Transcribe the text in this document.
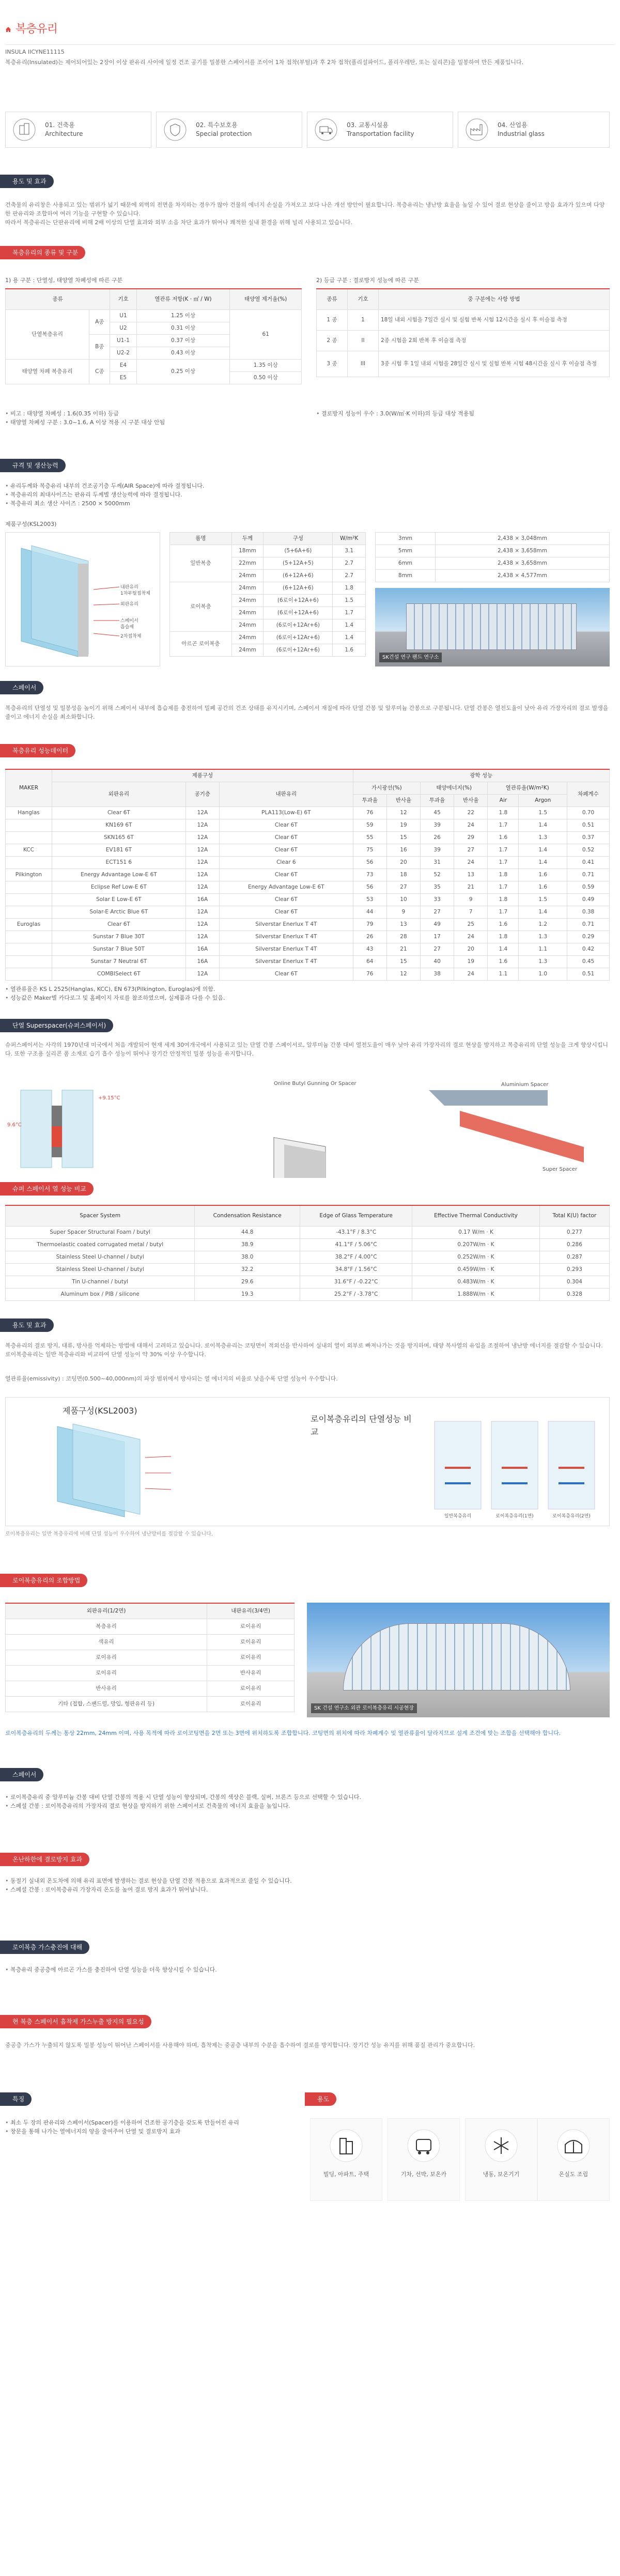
복층유리
INSULA IICYNE11115
복층유리(Insulated)는 제어되어있는 2장이 이상 판유리 사이에 일정 건조 공기를 밀봉한 스페이서를 조이어 1차 접착(부틸)과 후 2차 접착(폴리설파이드, 폴리우레탄, 또는 실리콘)을 밀봉하여 만든 제품입니다.
01. 건축용
Architecture
02. 특수보호용
Special protection
03. 교통시설용
Transportation facility
04. 산업용
Industrial glass
용도 및 효과
건축물의 유리창은 사용되고 있는 범위가 넓기 때문에 외벽의 전면을 차지하는 경우가 많아 건물의 에너지 손실을 가져오고 보다 나은 개선 방안이 필요합니다. 복층유리는 냉난방 효율을 높일 수 있어 결로 현상을 줄이고 방음 효과가 있으며 다양한 판유리와 조합하여 여러 기능을 구현할 수 있습니다.
따라서 복층유리는 단판유리에 비해 2배 이상의 단열 효과와 외부 소음 차단 효과가 뛰어나 쾌적한 실내 환경을 위해 널리 사용되고 있습니다.
복층유리의 종류 및 구분
1) 용 구분 : 단열성, 태양열 차폐성에 따른 구분	2) 등급 구분 : 결로방지 성능에 따른 구분
종류		기호	열관류 저항(K · ㎡ / W)	태양열 제거율(%)
단열복층유리	A종	U1	1.25 이상	61
		U2	0.31 이상	
	B종	U1-1	0.37 이상	
		U2-2	0.43 이상	
태양열 차폐 복층유리	C종	E4	0.25 이상	1.35 이상
		E5		0.50 이상
종류	기호	중 구분에는 사항 방법
1 종	1	18일 내외 시험을 7일간 실시 및 실험 반복 시험 12시간을 실시 후 이슬점 측정
2 종	II	2종 시험을 2회 반복 후 이슬점 측정
3 종	III	3종 시험 후 1일 내외 시험을 28일간 실시 및 실험 반복 시험 48시간을 실시 후 이슬점 측정
• 비고 : 태양열 차폐성 : 1.6(0.35 이하) 등급
• 태양열 차폐성 구분 : 3.0~1.6, A 이상 적용 시 구분 대상 안됨
• 결로방지 성능이 우수 : 3.0(W/㎡·K 이하)의 등급 대상 적용됨
규격 및 생산능력
• 유리두께와 복층유리 내부의 건조공기층 두께(AIR Space)에 따라 결정됩니다.
• 복층유리의 최대사이즈는 판유리 두께별 생산능력에 따라 결정됩니다.
• 복층유리 최소 생산 사이즈 : 2500 × 5000mm
제품구성(KSL2003)
내판유리
1차부틸접착제
외판유리
스페이서
흡습제
2차접착제
품명	두께	구성	W/m²K
일반복층	18mm	(5+6A+6)	3.1
	22mm	(5+12A+5)	2.7
	24mm	(6+12A+6)	2.7
로이복층	24mm	(6+12A+6)	1.8
	24mm	(6로이+12A+6)	1.5
	24mm	(6로이+12A+6)	1.7
	24mm	(6로이+12Ar+6)	1.4
아르곤 로이복층	24mm	(6로이+12Ar+6)	1.4
	24mm	(6로이+12Ar+6)	1.6
3mm	2,438 × 3,048mm
5mm	2,438 × 3,658mm
6mm	2,438 × 3,658mm
8mm	2,438 × 4,577mm
SK건설 연구 팬드 연구소
스페이서
복층유리의 단열성 및 밀봉성을 높이기 위해 스페이서 내부에 흡습제를 충전하여 밀폐 공간의 건조 상태를 유지시키며, 스페이서 재질에 따라 단열 간봉 및 알루미늄 간봉으로 구분됩니다. 단열 간봉은 열전도율이 낮아 유리 가장자리의 결로 발생을 줄이고 에너지 손실을 최소화합니다.
복층유리 성능데이터
MAKER	제품구성			광학 성능						
	외판유리	공기층	내판유리	가시광선(%)		태양에너지(%)		열관류율(W/m²K)		차폐계수
				투과율	반사율	투과율	반사율	Air	Argon	
Hanglas	Clear 6T	12A	PLA113(Low-E) 6T	76	12	45	22	1.8	1.5	0.70
	KN169 6T	12A	Clear 6T	59	19	39	24	1.7	1.4	0.51
	SKN165 6T	12A	Clear 6T	55	15	26	29	1.6	1.3	0.37
KCC	EV181 6T	12A	Clear 6T	75	16	39	27	1.7	1.4	0.52
	ECT151 6	12A	Clear 6	56	20	31	24	1.7	1.4	0.41
Pilkington	Energy Advantage Low-E 6T	12A	Clear 6T	73	18	52	13	1.8	1.6	0.71
	Eclipse Ref Low-E 6T	12A	Energy Advantage Low-E 6T	56	27	35	21	1.7	1.6	0.59
	Solar E Low-E 6T	16A	Clear 6T	53	10	33	9	1.8	1.5	0.49
	Solar-E Arctic Blue 6T	12A	Clear 6T	44	9	27	7	1.7	1.4	0.38
Euroglas	Clear 6T	12A	Silverstar Enerlux T 4T	79	13	49	25	1.6	1.2	0.71
	Sunstar 7 Blue 30T	12A	Silverstar Enerlux T 4T	26	28	17	24	1.8	1.3	0.29
	Sunstar 7 Blue 50T	16A	Silverstar Enerlux T 4T	43	21	27	20	1.4	1.1	0.42
	Sunstar 7 Neutral 6T	16A	Silverstar Enerlux T 4T	64	15	40	19	1.6	1.3	0.45
	COMBISelect 6T	12A	Clear 6T	76	12	38	24	1.1	1.0	0.51
• 열관류율은 KS L 2525(Hanglas, KCC), EN 673(Pilkington, Euroglas)에 의함.
• 성능값은 Maker별 카다로그 및 홈페이지 자료를 참조하였으며, 실제품과 다를 수 있음.
단열 Superspacer(슈퍼스페이서)
슈퍼스페이서는 사각의 1970년대 미국에서 처음 개발되어 현재 세계 30여개국에서 사용되고 있는 단열 간봉 스페이서로, 알루미늄 간봉 대비 열전도율이 매우 낮아 유리 가장자리의 결로 현상을 방지하고 복층유리의 단열 성능을 크게 향상시킵니다. 또한 구조용 실리콘 폼 소재로 습기 흡수 성능이 뛰어나 장기간 안정적인 밀봉 성능을 유지합니다.
+9.15°C
9.6°C
Online Butyl Gunning Or Spacer	Aluminium Spacer
Super Spacer
슈퍼 스페이서 열 성능 비교
Spacer System	Condensation Resistance	Edge of Glass Temperature	Effective Thermal Conductivity	Total K(U) factor
Super Spacer Structural Foam / butyl	44.8	-43.1°F / 8.3°C	0.17 W/m · K	0.277
Thermoelastic coated corrugated metal / butyl	38.9	41.1°F / 5.06°C	0.207W/m · K	0.286
Stainless Steel U-channel / butyl	38.0	38.2°F / 4.00°C	0.252W/m · K	0.287
Stainless Steel U-channel / butyl	32.2	34.8°F / 1.56°C	0.459W/m · K	0.293
Tin U-channel / butyl	29.6	31.6°F / -0.22°C	0.483W/m · K	0.304
Aluminum box / PIB / silicone	19.3	25.2°F / -3.78°C	1.888W/m · K	0.328
용도 및 효과
복층유리의 결로 방지, 대류, 방사를 억제하는 방법에 대해서 고려하고 있습니다. 로이복층유리는 코팅면이 적외선을 반사하여 실내의 열이 외부로 빠져나가는 것을 방지하며, 태양 복사열의 유입을 조절하여 냉난방 에너지를 절감할 수 있습니다. 로이복층유리는 일반 복층유리와 비교하여 단열 성능이 약 30% 이상 우수합니다.
열관류율(emissivity) : 코팅면(0.500~40,000nm)의 파장 범위에서 방사되는 열 에너지의 비율로 낮을수록 단열 성능이 우수합니다.
제품구성(KSL2003)
로이복층유리의 단열성능 비교
일반복층유리	로이복층유리(1면)	로이복층유리(2면)
로이복층유리는 일반 복층유리에 비해 단열 성능이 우수하여 냉난방비를 절감할 수 있습니다.
로이복층유리의 조합방법
외판유리(1/2면)	내판유리(3/4면)
복층유리	로이유리
색유리	로이유리
로이유리	로이유리
로이유리	반사유리
반사유리	로이유리
기타 (접합, 스팬드럴, 망입, 형판유리 등)	로이유리
SK 건설 연구소 외관 로이복층유리 시공현장
로이복층유리의 두께는 통상 22mm, 24mm 이며, 사용 목적에 따라 로이코팅면을 2면 또는 3면에 위치하도록 조합합니다. 코팅면의 위치에 따라 차폐계수 및 열관류율이 달라지므로 설계 조건에 맞는 조합을 선택해야 합니다.
스페이서
• 로이복층유리 중 알루미늄 간봉 대비 단열 간봉의 적용 시 단열 성능이 향상되며, 간봉의 색상은 블랙, 실버, 브론즈 등으로 선택할 수 있습니다.
• 스페셜 간봉 : 로이복층유리의 가장자리 결로 현상을 방지하기 위한 스페이서로 건축물의 에너지 효율을 높입니다.
온난하한에 결로방지 효과
• 동절기 실내외 온도차에 의해 유리 표면에 발생하는 결로 현상을 단열 간봉 적용으로 효과적으로 줄일 수 있습니다.
• 스페셜 간봉 : 로이복층유리 가장자리 온도를 높여 결로 방지 효과가 뛰어납니다.
로이복층 가스충진에 대해
• 복층유리 중공층에 아르곤 가스를 충진하여 단열 성능을 더욱 향상시킬 수 있습니다.
현 복층 스페이서 흡착제 가스누출 방지의 필요성
중공층 가스가 누출되지 않도록 밀봉 성능이 뛰어난 스페이서를 사용해야 하며, 흡착제는 중공층 내부의 수분을 흡수하여 결로를 방지합니다. 장기간 성능 유지를 위해 품질 관리가 중요합니다.
특징
• 최소 두 장의 판유리와 스페이서(Spacer)를 이용하여 건조한 공기층을 갖도록 만들어진 유리
• 창문을 통해 나가는 열에너지의 양을 줄여주어 단열 및 결로방지 효과
용도
빌딩, 아파트, 주택	기차, 선박, 보온카	냉동, 보온기기	온실도 조립
